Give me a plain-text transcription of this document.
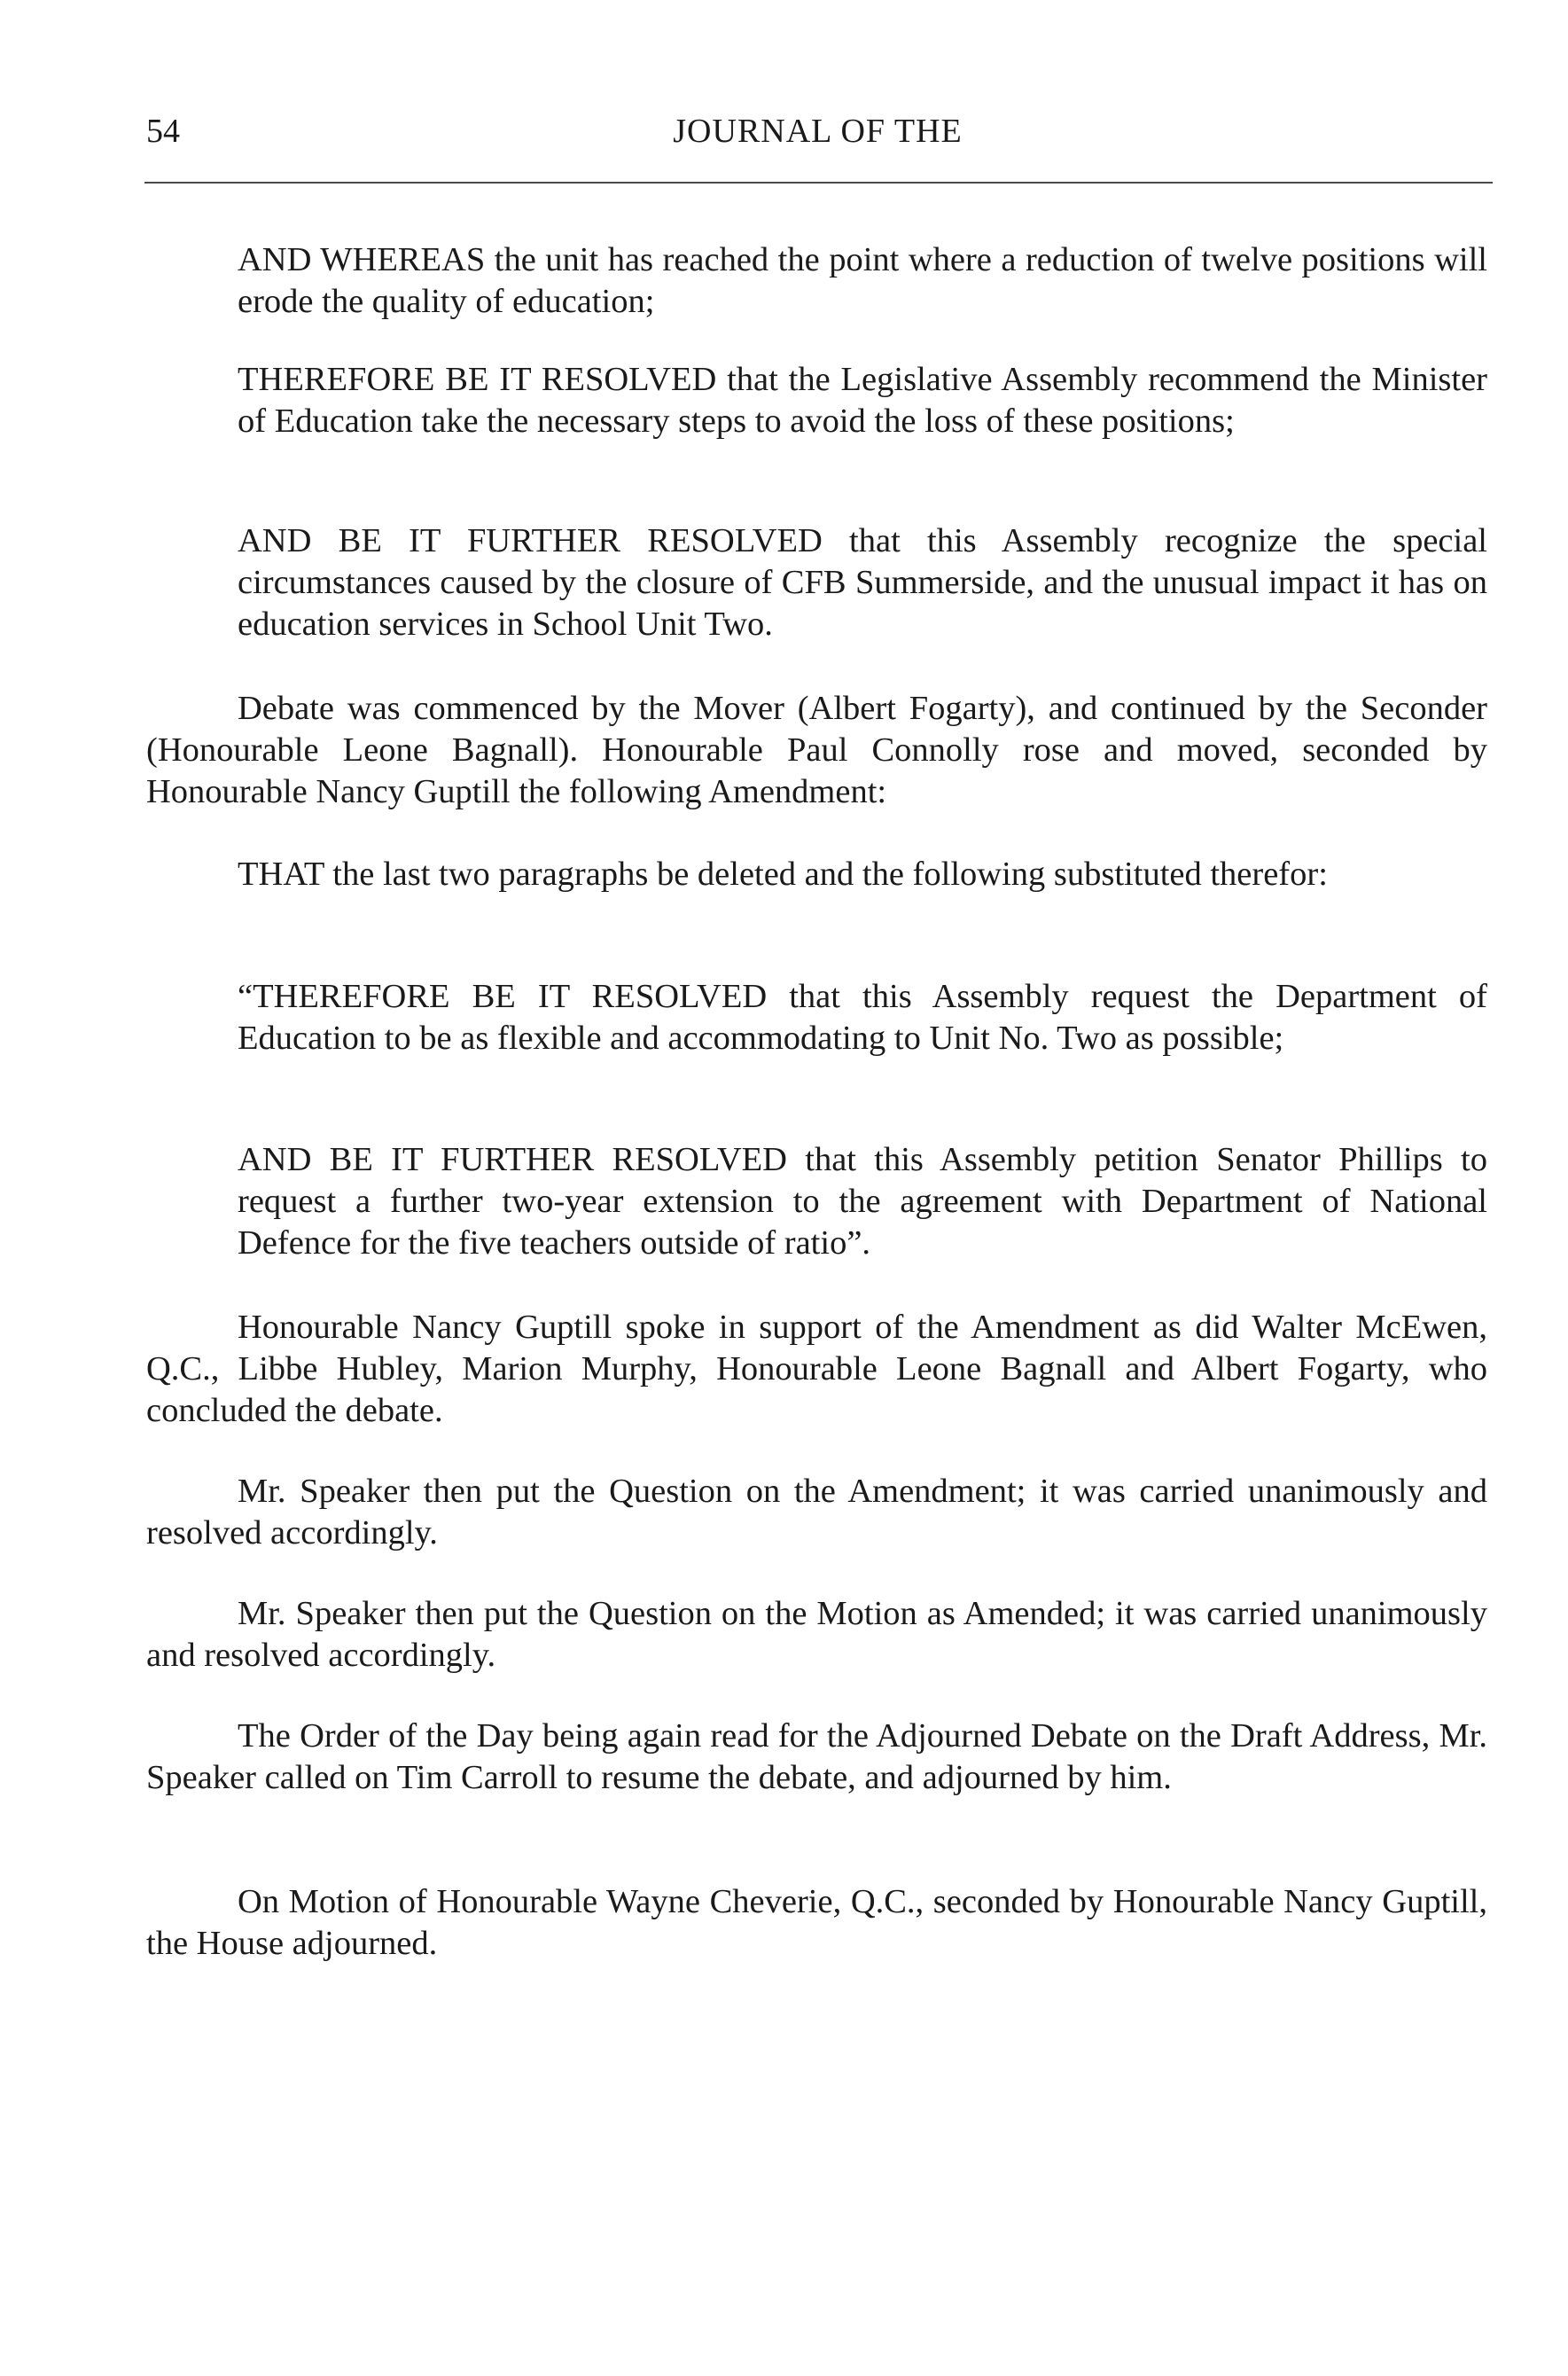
54	JOURNAL OF THE

AND WHEREAS the unit has reached the point where a reduction of twelve positions will erode the quality of education;

THEREFORE BE IT RESOLVED that the Legislative Assembly recommend the Minister of Education take the necessary steps to avoid the loss of these positions;

AND BE IT FURTHER RESOLVED that this Assembly recognize the special circumstances caused by the closure of CFB Summerside, and the unusual impact it has on education services in School Unit Two.

Debate was commenced by the Mover (Albert Fogarty), and continued by the Seconder (Honourable Leone Bagnall). Honourable Paul Connolly rose and moved, seconded by Honourable Nancy Guptill the following Amendment:

THAT the last two paragraphs be deleted and the following substituted therefor:

“THEREFORE BE IT RESOLVED that this Assembly request the Department of Education to be as flexible and accommodating to Unit No. Two as possible;

AND BE IT FURTHER RESOLVED that this Assembly petition Senator Phillips to request a further two-year extension to the agreement with Department of National Defence for the five teachers outside of ratio”.

Honourable Nancy Guptill spoke in support of the Amendment as did Walter McEwen, Q.C., Libbe Hubley, Marion Murphy, Honourable Leone Bagnall and Albert Fogarty, who concluded the debate.

Mr. Speaker then put the Question on the Amendment; it was carried unanimously and resolved accordingly.

Mr. Speaker then put the Question on the Motion as Amended; it was carried unanimously and resolved accordingly.

The Order of the Day being again read for the Adjourned Debate on the Draft Address, Mr. Speaker called on Tim Carroll to resume the debate, and adjourned by him.

On Motion of Honourable Wayne Cheverie, Q.C., seconded by Honourable Nancy Guptill, the House adjourned.
